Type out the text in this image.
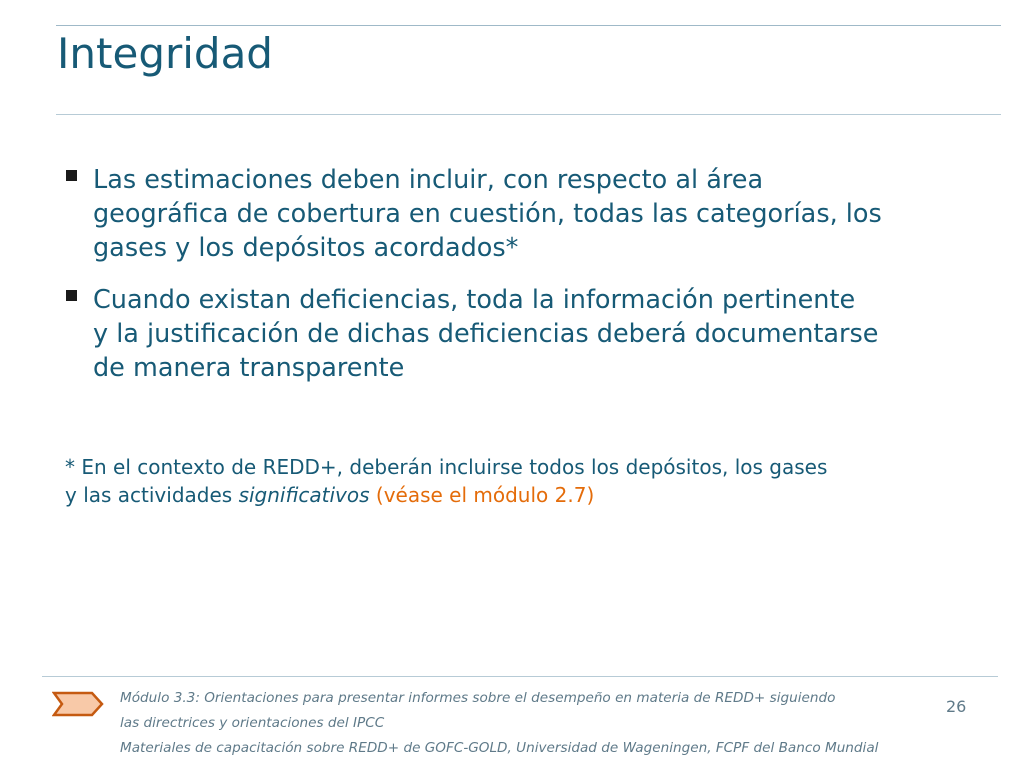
Integridad
Las estimaciones deben incluir, con respecto al área
geográfica de cobertura en cuestión, todas las categorías, los
gases y los depósitos acordados*
Cuando existan deficiencias, toda la información pertinente
y la justificación de dichas deficiencias deberá documentarse
de manera transparente
* En el contexto de REDD+, deberán incluirse todos los depósitos, los gases
y las actividades significativos (véase el módulo 2.7)
Módulo 3.3: Orientaciones para presentar informes sobre el desempeño en materia de REDD+ siguiendo
las directrices y orientaciones del IPCC
Materiales de capacitación sobre REDD+ de GOFC-GOLD, Universidad de Wageningen, FCPF del Banco Mundial
26
